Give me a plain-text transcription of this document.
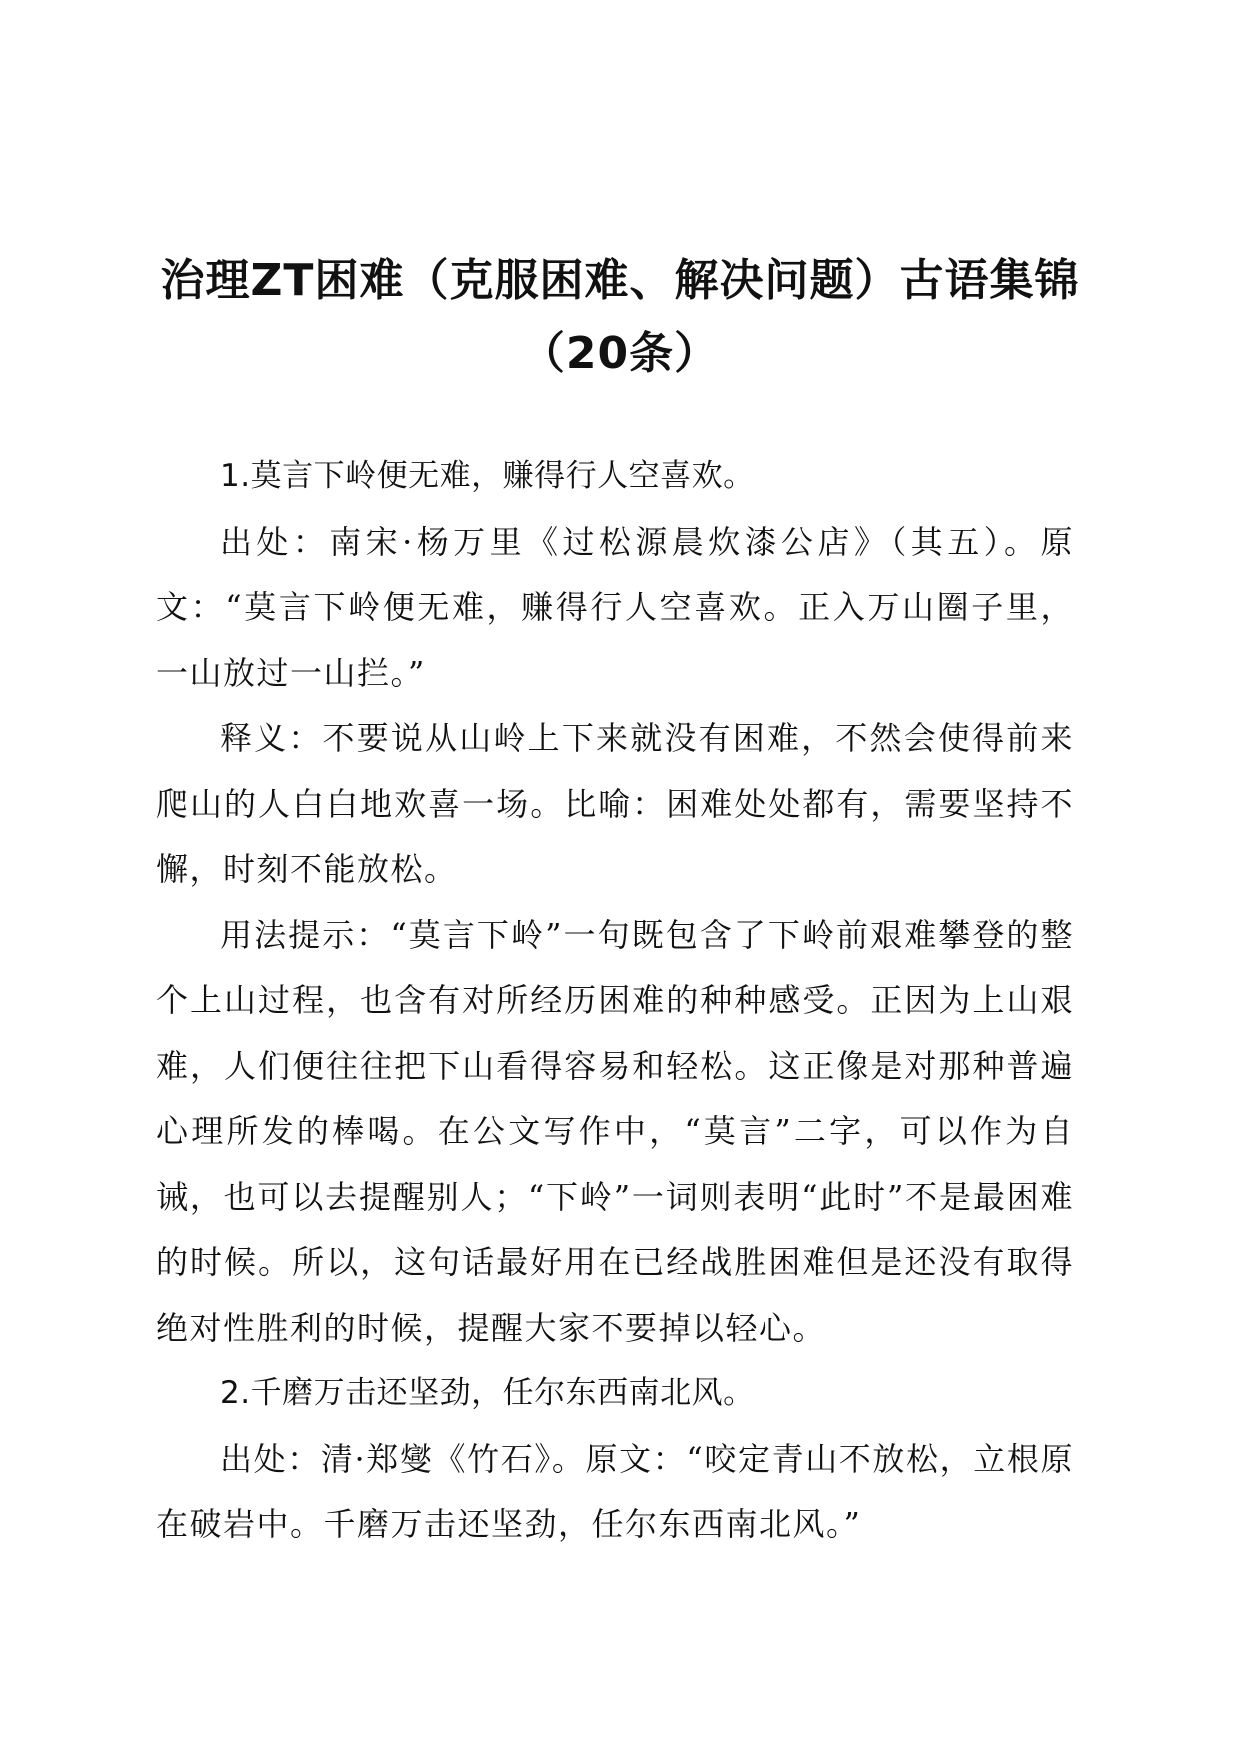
治理ZT困难（克服困难、解决问题）古语集锦（20条）

1.莫言下岭便无难，赚得行人空喜欢。

出处：南宋·杨万里《过松源晨炊漆公店》（其五）。原文：“莫言下岭便无难，赚得行人空喜欢。正入万山圈子里，一山放过一山拦。”

释义：不要说从山岭上下来就没有困难，不然会使得前来爬山的人白白地欢喜一场。比喻：困难处处都有，需要坚持不懈，时刻不能放松。

用法提示：“莫言下岭”一句既包含了下岭前艰难攀登的整个上山过程，也含有对所经历困难的种种感受。正因为上山艰难，人们便往往把下山看得容易和轻松。这正像是对那种普遍心理所发的棒喝。在公文写作中，“莫言”二字，可以作为自诫，也可以去提醒别人；“下岭”一词则表明“此时”不是最困难的时候。所以，这句话最好用在已经战胜困难但是还没有取得绝对性胜利的时候，提醒大家不要掉以轻心。

2.千磨万击还坚劲，任尔东西南北风。

出处：清·郑燮《竹石》。原文：“咬定青山不放松，立根原在破岩中。千磨万击还坚劲，任尔东西南北风。”
